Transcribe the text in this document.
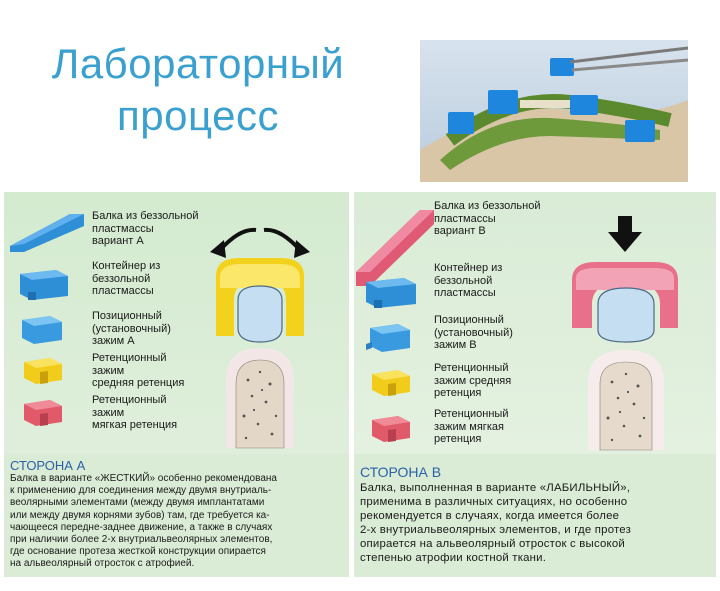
Лабораторный
процесс
Балка из беззольной
пластмассы
вариант А
Контейнер из
беззольной
пластмассы
Позиционный
(установочный)
зажим А
Ретенционный
зажим
средняя ретенция
Ретенционный
зажим
мягкая ретенция
СТОРОНА А
Балка в варианте «ЖЕСТКИЙ» особенно рекомендована
к применению для соединения между двумя внутриаль-
веолярными элементами (между двумя имплантатами
или между двумя корнями зубов) там, где требуется ка-
чающееся передне-заднее движение, а также в случаях
при наличии более 2-х внутриальвеолярных элементов,
где основание протеза жесткой конструкции опирается
на альвеолярный отросток с атрофией.
Балка из беззольной
пластмассы
вариант В
Контейнер из
беззольной
пластмассы
Позиционный
(установочный)
зажим В
Ретенционный
зажим средняя
ретенция
Ретенционный
зажим мягкая
ретенция
СТОРОНА В
Балка, выполненная в варианте «ЛАБИЛЬНЫЙ»,
применима в различных ситуациях, но особенно
рекомендуется в случаях, когда имеется более
2-х внутриальвеолярных элементов, и где протез
опирается на альвеолярный отросток с высокой
степенью атрофии костной ткани.
